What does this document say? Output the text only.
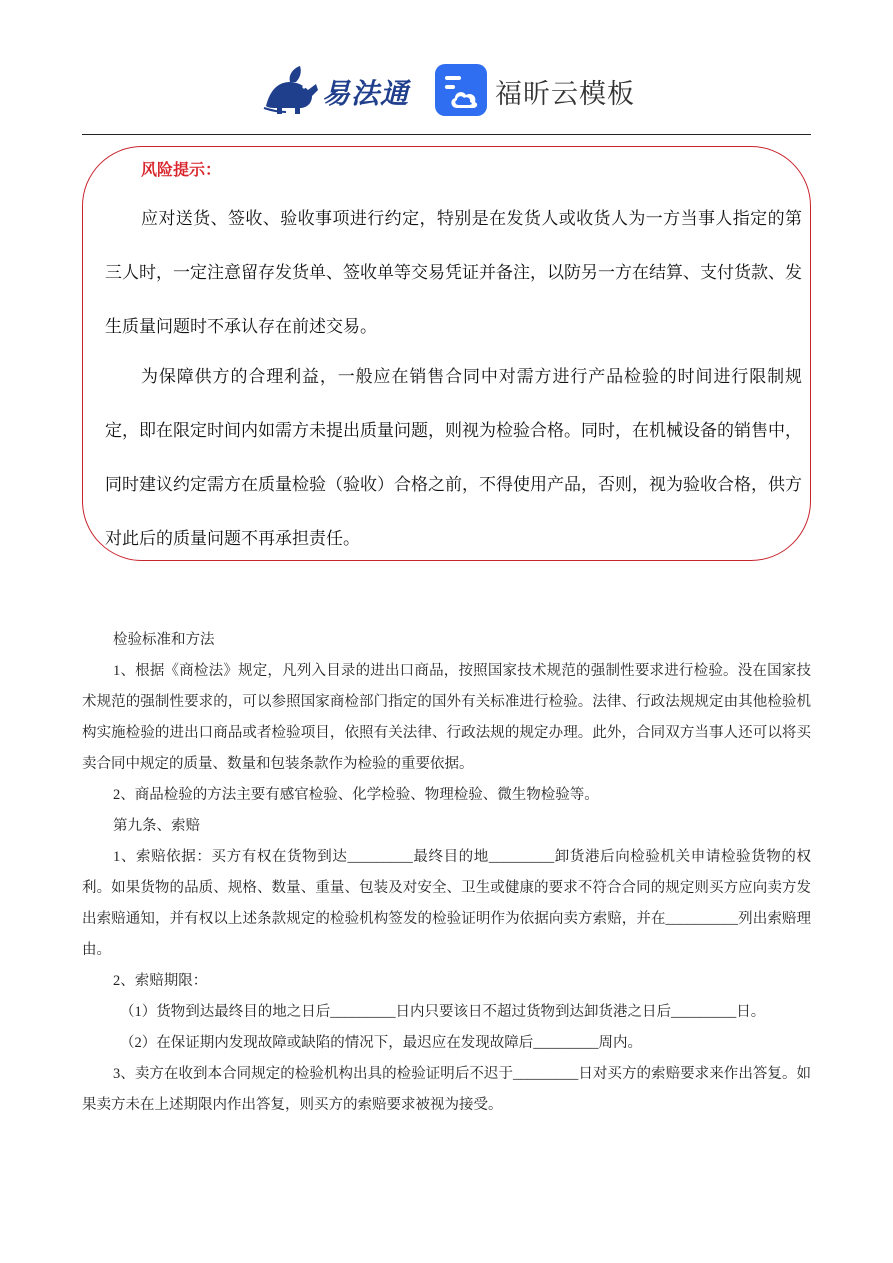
易法通	福昕云模板
风险提示：
应对送货、签收、验收事项进行约定，特别是在发货人或收货人为一方当事人指定的第三人时，一定注意留存发货单、签收单等交易凭证并备注，以防另一方在结算、支付货款、发生质量问题时不承认存在前述交易。
为保障供方的合理利益，一般应在销售合同中对需方进行产品检验的时间进行限制规定，即在限定时间内如需方未提出质量问题，则视为检验合格。同时，在机械设备的销售中，同时建议约定需方在质量检验（验收）合格之前，不得使用产品，否则，视为验收合格，供方对此后的质量问题不再承担责任。

检验标准和方法

1、根据《商检法》规定，凡列入目录的进出口商品，按照国家技术规范的强制性要求进行检验。没在国家技术规范的强制性要求的，可以参照国家商检部门指定的国外有关标准进行检验。法律、行政法规规定由其他检验机构实施检验的进出口商品或者检验项目，依照有关法律、行政法规的规定办理。此外，合同双方当事人还可以将买卖合同中规定的质量、数量和包装条款作为检验的重要依据。

2、商品检验的方法主要有感官检验、化学检验、物理检验、微生物检验等。

第九条、索赔

1、索赔依据：买方有权在货物到达_________最终目的地_________卸货港后向检验机关申请检验货物的权利。如果货物的品质、规格、数量、重量、包装及对安全、卫生或健康的要求不符合合同的规定则买方应向卖方发出索赔通知，并有权以上述条款规定的检验机构签发的检验证明作为依据向卖方索赔，并在__________列出索赔理由。

2、索赔期限：

（1）货物到达最终目的地之日后_________日内只要该日不超过货物到达卸货港之日后_________日。

（2）在保证期内发现故障或缺陷的情况下，最迟应在发现故障后_________周内。

3、卖方在收到本合同规定的检验机构出具的检验证明后不迟于_________日对买方的索赔要求来作出答复。如果卖方未在上述期限内作出答复，则买方的索赔要求被视为接受。
